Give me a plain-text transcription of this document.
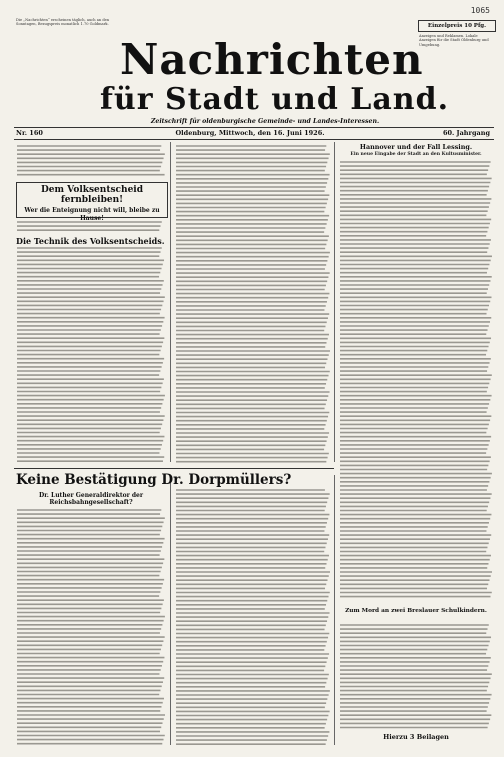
1065
Die „Nachrichten“ erscheinen täglich, auch an den Sonntagen, Bezugspreis monatlich 1.70 Goldmark.	Einzelpreis 10 Pfg.
Anzeigen und Reklamen. Lokale Anzeigen für die Stadt Oldenburg und Umgebung.
Nachrichten
für Stadt und Land.
Zeitschrift für oldenburgische Gemeinde- und Landes-Interessen.
Nr. 160	Oldenburg, Mittwoch, den 16. Juni 1926.	60. Jahrgang
Dem Volksentscheid fernbleiben!
Wer die Enteignung nicht will, bleibe zu Hause!
Die Technik des Volksentscheids.
Hannover und der Fall Lessing.
Ein neue Eingabe der Stadt an den Kultusminister.
Keine Bestätigung Dr. Dorpmüllers?
Dr. Luther Generaldirektor der Reichsbahngesellschaft?
Zum Mord an zwei Breslauer Schulkindern.
Hierzu 3 Beilagen
